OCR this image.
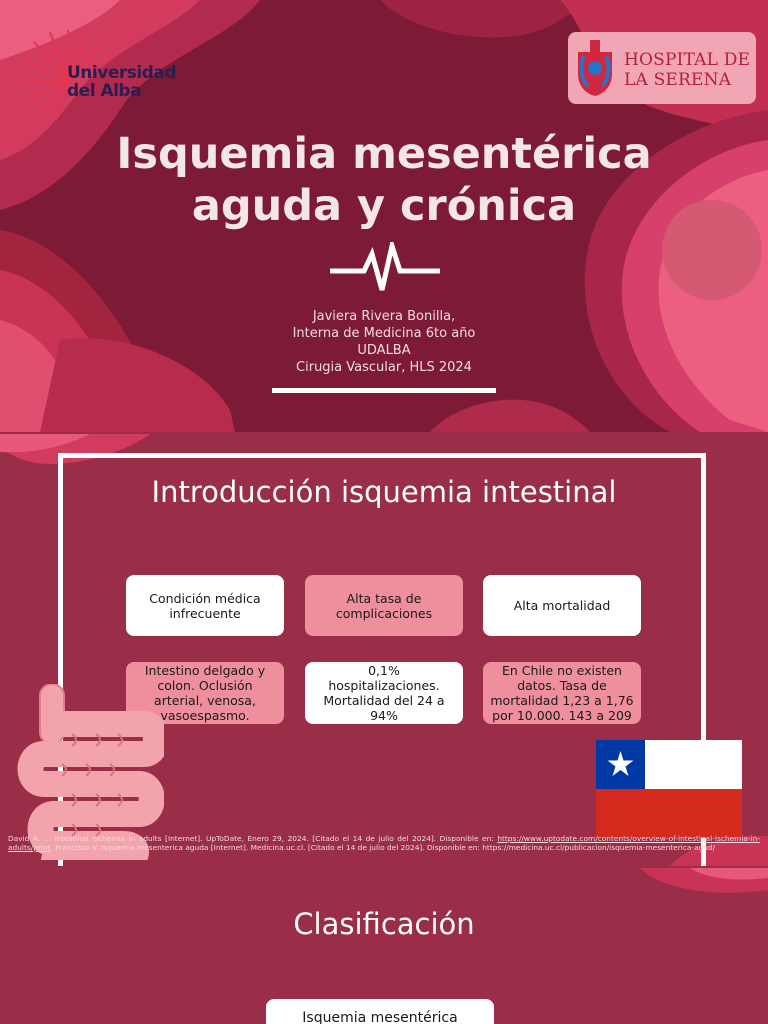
Universidad del Alba
HOSPITAL DE
LA SERENA
Isquemia mesentérica
aguda y crónica
Javiera Rivera Bonilla,
Interna de Medicina 6to año
UDALBA
Cirugia Vascular, HLS 2024
Introducción isquemia intestinal
Condición médica infrecuente
Alta tasa de complicaciones	Alta mortalidad
Intestino delgado y colon. Oclusión arterial, venosa, vasoespasmo.
0,1% hospitalizaciones. Mortalidad del 24 a 94%
En Chile no existen datos. Tasa de mortalidad 1,23 a 1,76 por 10.000. 143 a 209
David A. ... intestinal ischemia in adults [Internet]. UpToDate, Enero 29, 2024. [Citado el 14 de julio del 2024]. Disponible en: https://www.uptodate.com/contents/overview-of-intestinal-ischemia-in-adults/print. Francisco V. Isquemia mesenterica aguda [Internet]. Medicina.uc.cl. [Citado el 14 de julio del 2024]. Disponible en: https://medicina.uc.cl/publicacion/isquemia-mesenterica-agud/
Clasificación
Isquemia mesentérica
